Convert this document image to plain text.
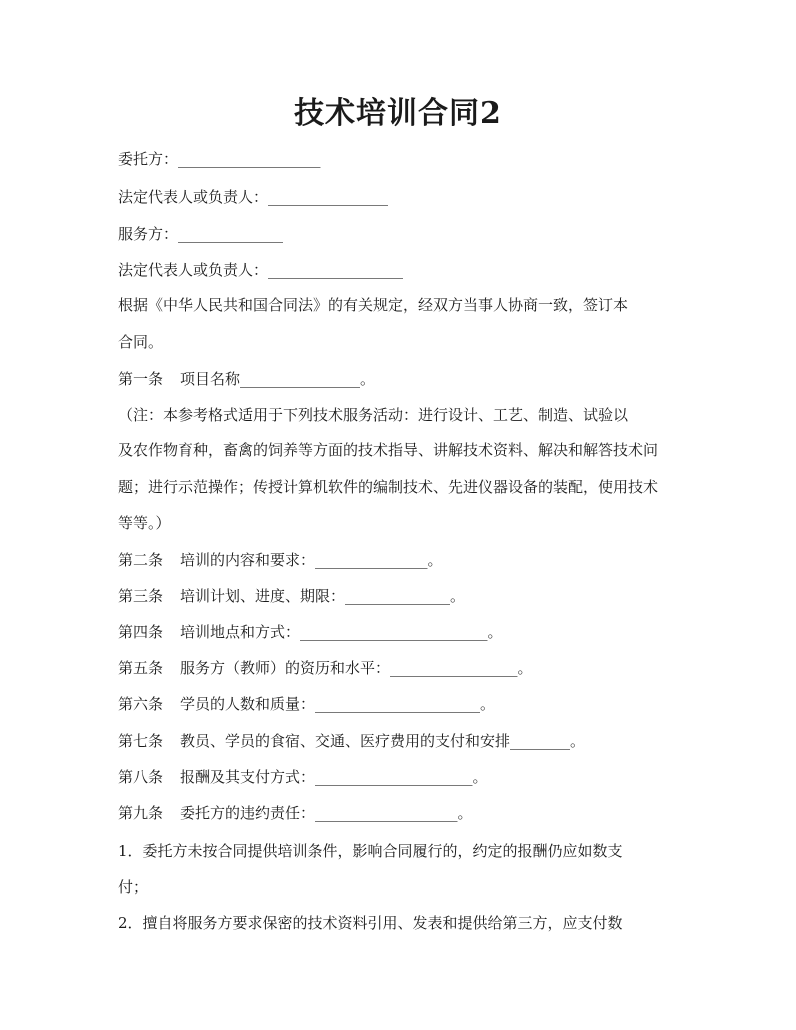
技术培训合同2
委托方：___________________
法定代表人或负责人：________________
服务方：______________
法定代表人或负责人：__________________
根据《中华人民共和国合同法》的有关规定，经双方当事人协商一致，签订本
合同。
第一条 项目名称________________。
（注：本参考格式适用于下列技术服务活动：进行设计、工艺、制造、试验以
及农作物育种，畜禽的饲养等方面的技术指导、讲解技术资料、解决和解答技术问
题；进行示范操作；传授计算机软件的编制技术、先进仪器设备的装配，使用技术
等等。）
第二条 培训的内容和要求：_______________。
第三条 培训计划、进度、期限：______________。
第四条 培训地点和方式：_________________________。
第五条 服务方（教师）的资历和水平：_________________。
第六条 学员的人数和质量：______________________。
第七条 教员、学员的食宿、交通、医疗费用的支付和安排________。
第八条 报酬及其支付方式：_____________________。
第九条 委托方的违约责任：___________________。
1．委托方未按合同提供培训条件，影响合同履行的，约定的报酬仍应如数支
付；
2．擅自将服务方要求保密的技术资料引用、发表和提供给第三方，应支付数
